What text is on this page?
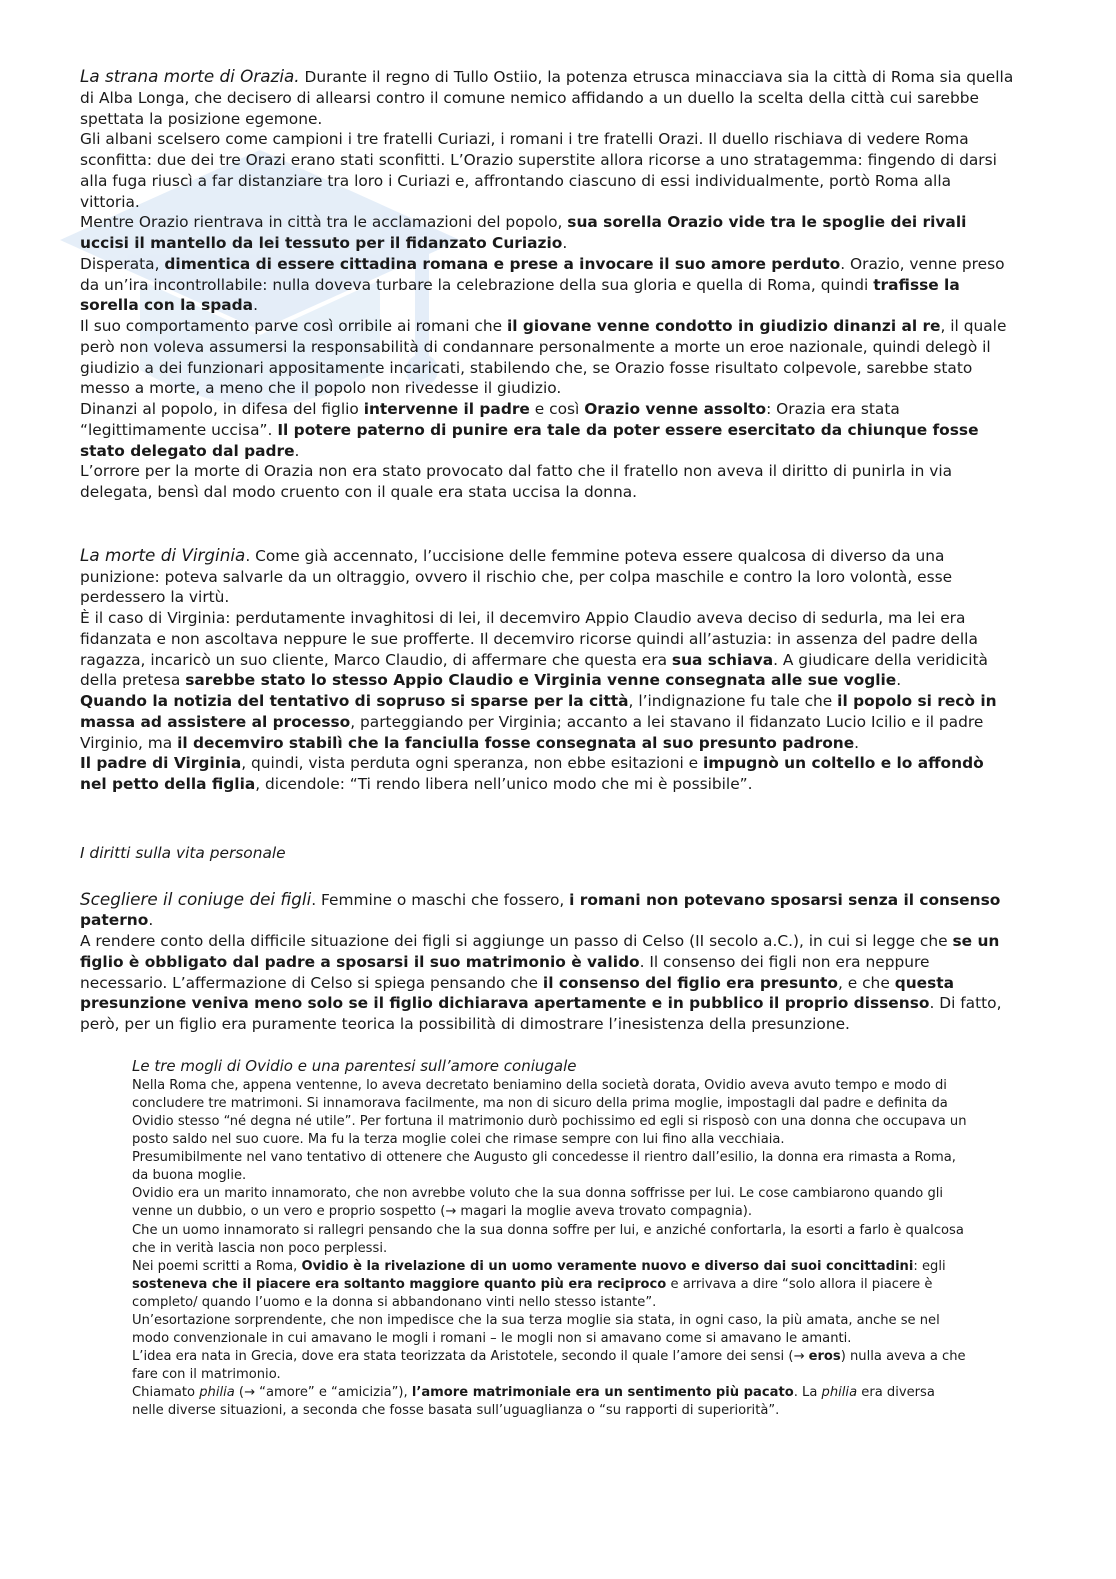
La strana morte di Orazia. Durante il regno di Tullo Ostiio, la potenza etrusca minacciava sia la città di Roma sia quella di Alba Longa, che decisero di allearsi contro il comune nemico affidando a un duello la scelta della città cui sarebbe spettata la posizione egemone.

Gli albani scelsero come campioni i tre fratelli Curiazi, i romani i tre fratelli Orazi. Il duello rischiava di vedere Roma sconfitta: due dei tre Orazi erano stati sconfitti. L’Orazio superstite allora ricorse a uno stratagemma: fingendo di darsi alla fuga riuscì a far distanziare tra loro i Curiazi e, affrontando ciascuno di essi individualmente, portò Roma alla vittoria.

Mentre Orazio rientrava in città tra le acclamazioni del popolo, sua sorella Orazio vide tra le spoglie dei rivali uccisi il mantello da lei tessuto per il fidanzato Curiazio.

Disperata, dimentica di essere cittadina romana e prese a invocare il suo amore perduto. Orazio, venne preso da un’ira incontrollabile: nulla doveva turbare la celebrazione della sua gloria e quella di Roma, quindi trafisse la sorella con la spada.

Il suo comportamento parve così orribile ai romani che il giovane venne condotto in giudizio dinanzi al re, il quale però non voleva assumersi la responsabilità di condannare personalmente a morte un eroe nazionale, quindi delegò il giudizio a dei funzionari appositamente incaricati, stabilendo che, se Orazio fosse risultato colpevole, sarebbe stato messo a morte, a meno che il popolo non rivedesse il giudizio.

Dinanzi al popolo, in difesa del figlio intervenne il padre e così Orazio venne assolto: Orazia era stata “legittimamente uccisa”. Il potere paterno di punire era tale da poter essere esercitato da chiunque fosse stato delegato dal padre.

L’orrore per la morte di Orazia non era stato provocato dal fatto che il fratello non aveva il diritto di punirla in via delegata, bensì dal modo cruento con il quale era stata uccisa la donna.

La morte di Virginia. Come già accennato, l’uccisione delle femmine poteva essere qualcosa di diverso da una punizione: poteva salvarle da un oltraggio, ovvero il rischio che, per colpa maschile e contro la loro volontà, esse perdessero la virtù.

È il caso di Virginia: perdutamente invaghitosi di lei, il decemviro Appio Claudio aveva deciso di sedurla, ma lei era fidanzata e non ascoltava neppure le sue profferte. Il decemviro ricorse quindi all’astuzia: in assenza del padre della ragazza, incaricò un suo cliente, Marco Claudio, di affermare che questa era sua schiava. A giudicare della veridicità della pretesa sarebbe stato lo stesso Appio Claudio e Virginia venne consegnata alle sue voglie.

Quando la notizia del tentativo di sopruso si sparse per la città, l’indignazione fu tale che il popolo si recò in massa ad assistere al processo, parteggiando per Virginia; accanto a lei stavano il fidanzato Lucio Icilio e il padre Virginio, ma il decemviro stabilì che la fanciulla fosse consegnata al suo presunto padrone.

Il padre di Virginia, quindi, vista perduta ogni speranza, non ebbe esitazioni e impugnò un coltello e lo affondò nel petto della figlia, dicendole: “Ti rendo libera nell’unico modo che mi è possibile”.

I diritti sulla vita personale

Scegliere il coniuge dei figli. Femmine o maschi che fossero, i romani non potevano sposarsi senza il consenso paterno.

A rendere conto della difficile situazione dei figli si aggiunge un passo di Celso (II secolo a.C.), in cui si legge che se un figlio è obbligato dal padre a sposarsi il suo matrimonio è valido. Il consenso dei figli non era neppure necessario. L’affermazione di Celso si spiega pensando che il consenso del figlio era presunto, e che questa presunzione veniva meno solo se il figlio dichiarava apertamente e in pubblico il proprio dissenso. Di fatto, però, per un figlio era puramente teorica la possibilità di dimostrare l’inesistenza della presunzione.

Le tre mogli di Ovidio e una parentesi sull’amore coniugale

Nella Roma che, appena ventenne, lo aveva decretato beniamino della società dorata, Ovidio aveva avuto tempo e modo di concludere tre matrimoni. Si innamorava facilmente, ma non di sicuro della prima moglie, impostagli dal padre e definita da Ovidio stesso “né degna né utile”. Per fortuna il matrimonio durò pochissimo ed egli si risposò con una donna che occupava un posto saldo nel suo cuore. Ma fu la terza moglie colei che rimase sempre con lui fino alla vecchiaia.

Presumibilmente nel vano tentativo di ottenere che Augusto gli concedesse il rientro dall’esilio, la donna era rimasta a Roma, da buona moglie.

Ovidio era un marito innamorato, che non avrebbe voluto che la sua donna soffrisse per lui. Le cose cambiarono quando gli venne un dubbio, o un vero e proprio sospetto (→ magari la moglie aveva trovato compagnia).

Che un uomo innamorato si rallegri pensando che la sua donna soffre per lui, e anziché confortarla, la esorti a farlo è qualcosa che in verità lascia non poco perplessi.

Nei poemi scritti a Roma, Ovidio è la rivelazione di un uomo veramente nuovo e diverso dai suoi concittadini: egli sosteneva che il piacere era soltanto maggiore quanto più era reciproco e arrivava a dire “solo allora il piacere è completo/ quando l’uomo e la donna si abbandonano vinti nello stesso istante”.

Un’esortazione sorprendente, che non impedisce che la sua terza moglie sia stata, in ogni caso, la più amata, anche se nel modo convenzionale in cui amavano le mogli i romani – le mogli non si amavano come si amavano le amanti.

L’idea era nata in Grecia, dove era stata teorizzata da Aristotele, secondo il quale l’amore dei sensi (→ eros) nulla aveva a che fare con il matrimonio.

Chiamato philia (→ “amore” e “amicizia”), l’amore matrimoniale era un sentimento più pacato. La philia era diversa nelle diverse situazioni, a seconda che fosse basata sull’uguaglianza o “su rapporti di superiorità”.
